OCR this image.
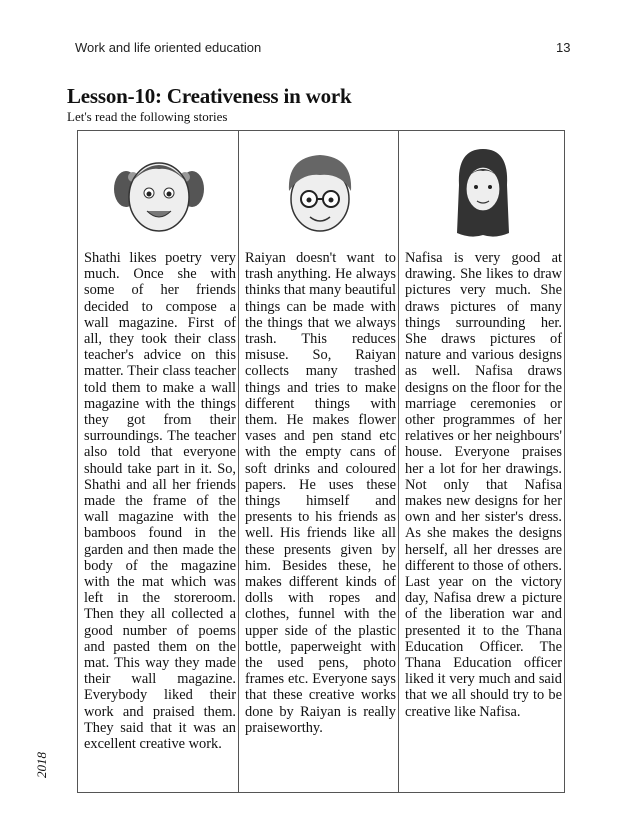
Work and life oriented education	13
Lesson-10: Creativeness in work
Let's read the following stories
2018
Shathi likes poetry very much. Once she with some of her friends decided to compose a wall magazine. First of all, they took their class teacher's advice on this matter. Their class teacher told them to make a wall magazine with the things they got from their surroundings. The teacher also told that everyone should take part in it. So, Shathi and all her friends made the frame of the wall magazine with the bamboos found in the garden and then made the body of the magazine with the mat which was left in the storeroom. Then they all collected a good number of poems and pasted them on the mat. This way they made their wall magazine. Everybody liked their work and praised them. They said that it was an excellent creative work.
Raiyan doesn't want to trash anything. He always thinks that many beautiful things can be made with the things that we always trash. This reduces misuse. So, Raiyan collects many trashed things and tries to make different things with them. He makes flower vases and pen stand etc with the empty cans of soft drinks and coloured papers. He uses these things himself and presents to his friends as well. His friends like all these presents given by him. Besides these, he makes different kinds of dolls with ropes and clothes, funnel with the upper side of the plastic bottle, paperweight with the used pens, photo frames etc. Everyone says that these creative works done by Raiyan is really praiseworthy.
Nafisa is very good at drawing. She likes to draw pictures very much. She draws pictures of many things surrounding her. She draws pictures of nature and various designs as well. Nafisa draws designs on the floor for the marriage ceremonies or other programmes of her relatives or her neighbours' house. Everyone praises her a lot for her drawings. Not only that Nafisa makes new designs for her own and her sister's dress. As she makes the designs herself, all her dresses are different to those of others. Last year on the victory day, Nafisa drew a picture of the liberation war and presented it to the Thana Education Officer. The Thana Education officer liked it very much and said that we all should try to be creative like Nafisa.
